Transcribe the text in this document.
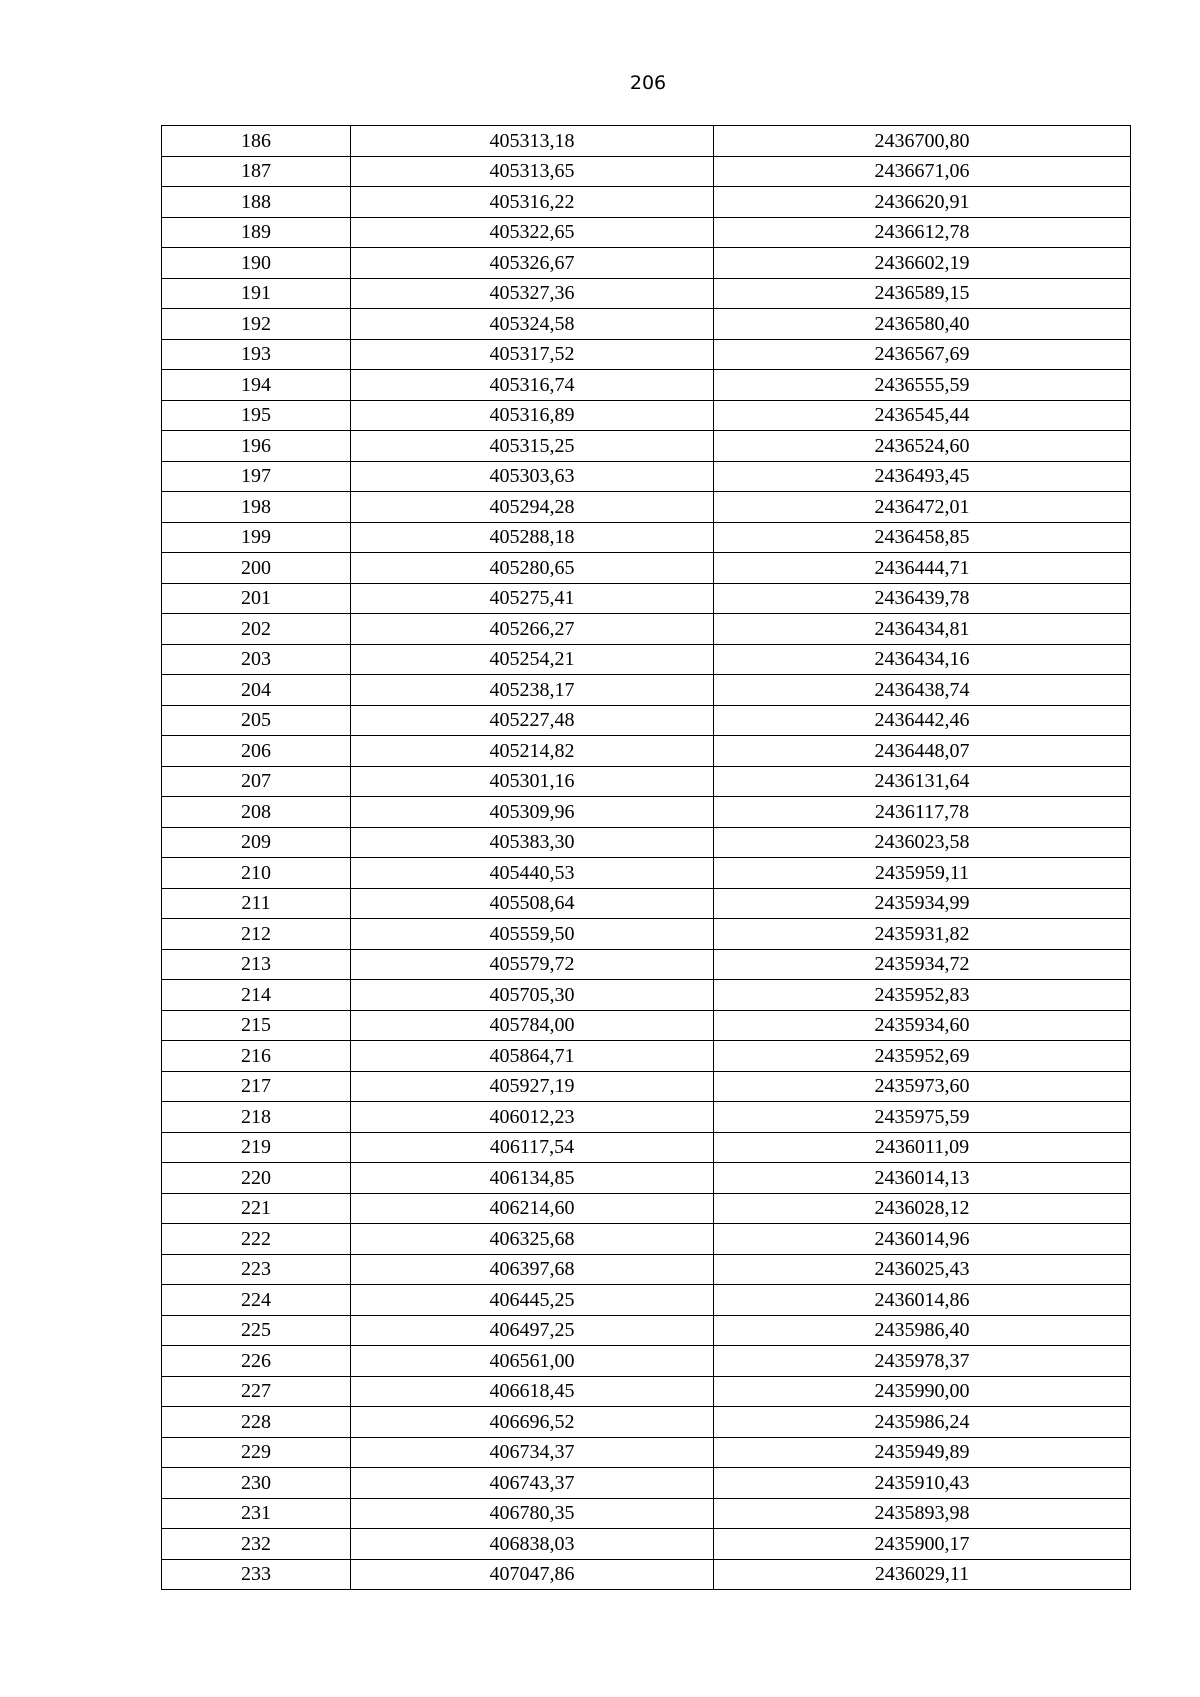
206
186	405313,18	2436700,80
187	405313,65	2436671,06
188	405316,22	2436620,91
189	405322,65	2436612,78
190	405326,67	2436602,19
191	405327,36	2436589,15
192	405324,58	2436580,40
193	405317,52	2436567,69
194	405316,74	2436555,59
195	405316,89	2436545,44
196	405315,25	2436524,60
197	405303,63	2436493,45
198	405294,28	2436472,01
199	405288,18	2436458,85
200	405280,65	2436444,71
201	405275,41	2436439,78
202	405266,27	2436434,81
203	405254,21	2436434,16
204	405238,17	2436438,74
205	405227,48	2436442,46
206	405214,82	2436448,07
207	405301,16	2436131,64
208	405309,96	2436117,78
209	405383,30	2436023,58
210	405440,53	2435959,11
211	405508,64	2435934,99
212	405559,50	2435931,82
213	405579,72	2435934,72
214	405705,30	2435952,83
215	405784,00	2435934,60
216	405864,71	2435952,69
217	405927,19	2435973,60
218	406012,23	2435975,59
219	406117,54	2436011,09
220	406134,85	2436014,13
221	406214,60	2436028,12
222	406325,68	2436014,96
223	406397,68	2436025,43
224	406445,25	2436014,86
225	406497,25	2435986,40
226	406561,00	2435978,37
227	406618,45	2435990,00
228	406696,52	2435986,24
229	406734,37	2435949,89
230	406743,37	2435910,43
231	406780,35	2435893,98
232	406838,03	2435900,17
233	407047,86	2436029,11
